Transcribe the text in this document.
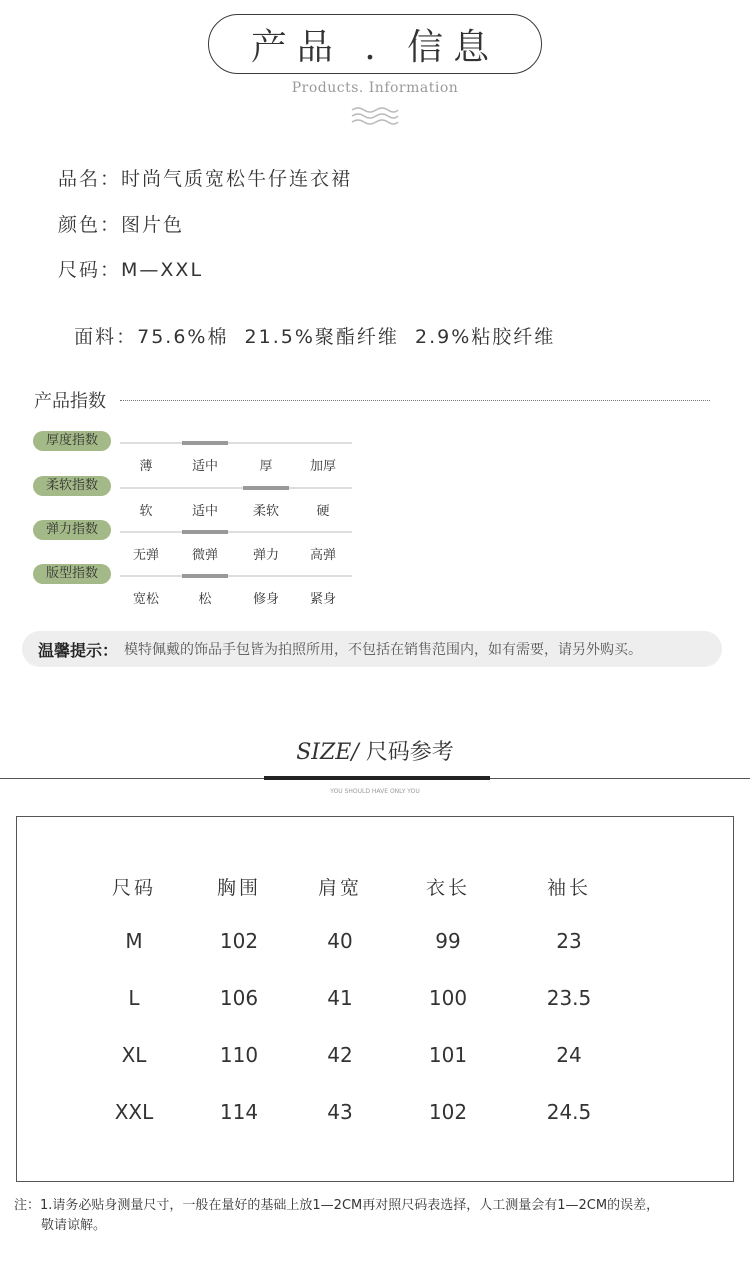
产品 . 信息
Products. Information
品名：时尚气质宽松牛仔连衣裙
颜色：图片色
尺码：M—XXL

面料：75.6%棉  21.5%聚酯纤维  2.9%粘胶纤维

产品指数
厚度指数
薄	适中	厚	加厚
柔软指数
软	适中	柔软	硬
弹力指数
无弹	微弹	弹力	高弹
版型指数
宽松	松	修身	紧身
温馨提示： 模特佩戴的饰品手包皆为拍照所用，不包括在销售范围内，如有需要，请另外购买。
SIZE/ 尺码参考
YOU SHOULD HAVE ONLY YOU
尺码	胸围	肩宽	衣长	袖长
M	102	40	99	23
L	106	41	100	23.5
XL	110	42	101	24
XXL	114	43	102	24.5
注：1.请务必贴身测量尺寸，一般在量好的基础上放1—2CM再对照尺码表选择，人工测量会有1—2CM的误差，
敬请谅解。
